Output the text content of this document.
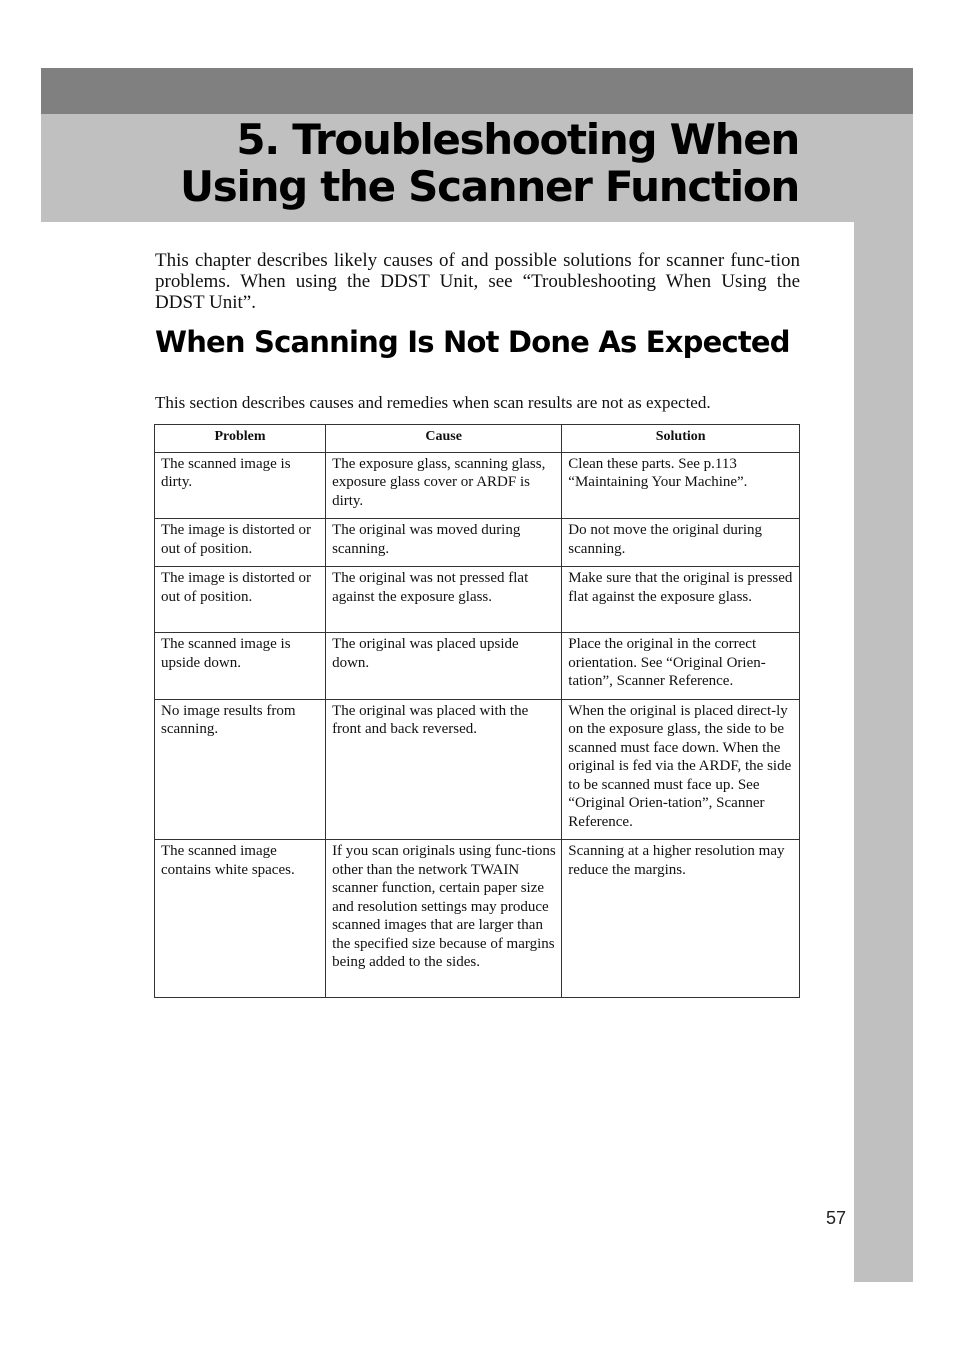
5. Troubleshooting When
Using the Scanner Function

This chapter describes likely causes of and possible solutions for scanner func-tion problems. When using the DDST Unit, see “Troubleshooting When Using the DDST Unit”.

When Scanning Is Not Done As Expected

This section describes causes and remedies when scan results are not as expected.

Problem	Cause	Solution
The scanned image is dirty.	The exposure glass, scanning glass, exposure glass cover or ARDF is dirty.	Clean these parts. See p.113 “Maintaining Your Machine”.
The image is distorted or out of position.	The original was moved during scanning.	Do not move the original during scanning.
The image is distorted or out of position.	The original was not pressed flat against the exposure glass.	Make sure that the original is pressed flat against the exposure glass.
The scanned image is upside down.	The original was placed upside down.	Place the original in the correct orientation. See “Original Orien-tation”, Scanner Reference.
No image results from scanning.	The original was placed with the front and back reversed.	When the original is placed direct-ly on the exposure glass, the side to be scanned must face down. When the original is fed via the ARDF, the side to be scanned must face up. See “Original Orien-tation”, Scanner Reference.
The scanned image contains white spaces.	If you scan originals using func-tions other than the network TWAIN scanner function, certain paper size and resolution settings may produce scanned images that are larger than the specified size because of margins being added to the sides.	Scanning at a higher resolution may reduce the margins.
57
